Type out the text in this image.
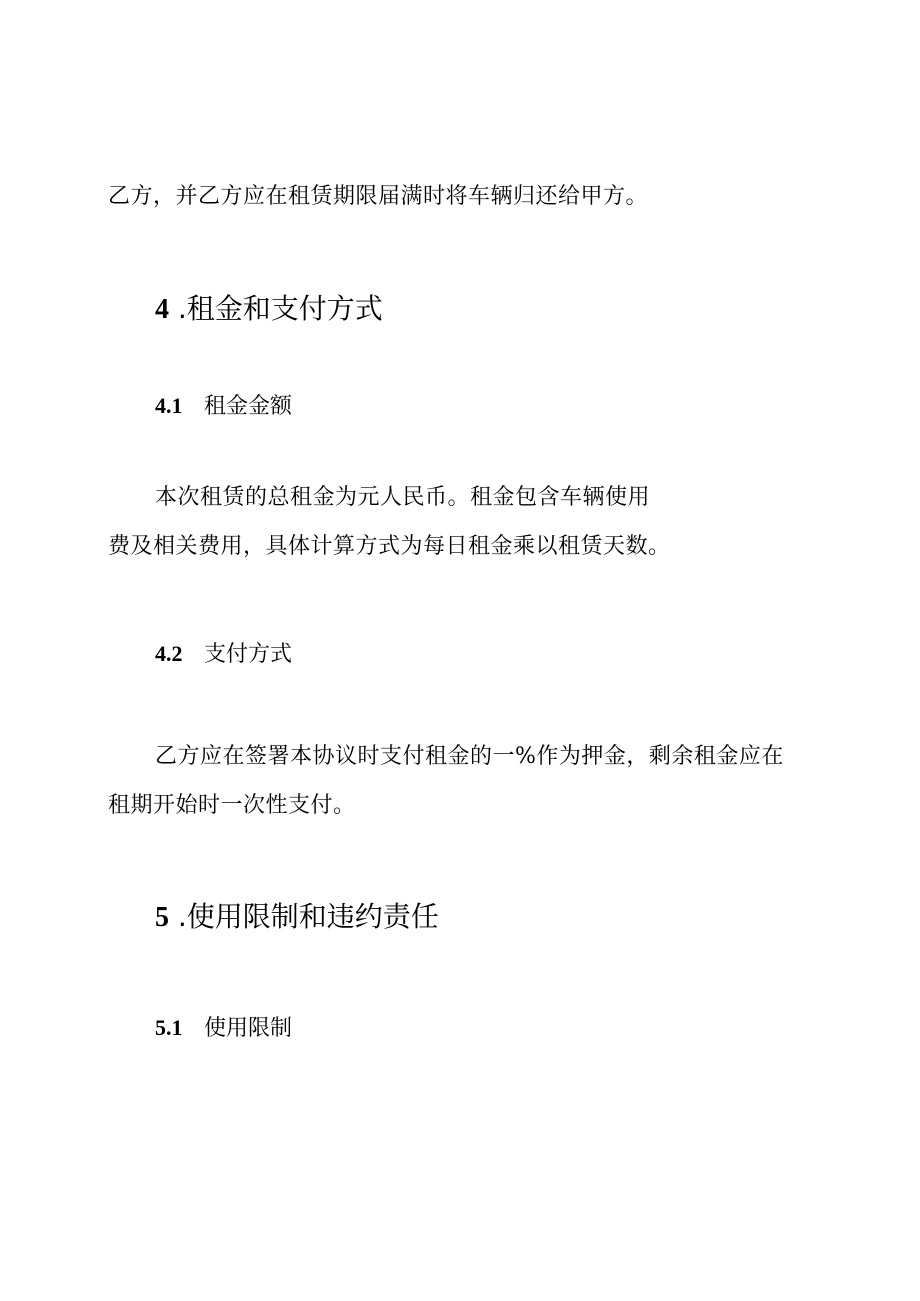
乙方，并乙方应在租赁期限届满时将车辆归还给甲方。
4 .租金和支付方式
4.1 租金金额
本次租赁的总租金为元人民币。租金包含车辆使用
费及相关费用，具体计算方式为每日租金乘以租赁天数。
4.2 支付方式
乙方应在签署本协议时支付租金的一%作为押金，剩余租金应在
租期开始时一次性支付。
5 .使用限制和违约责任
5.1 使用限制
